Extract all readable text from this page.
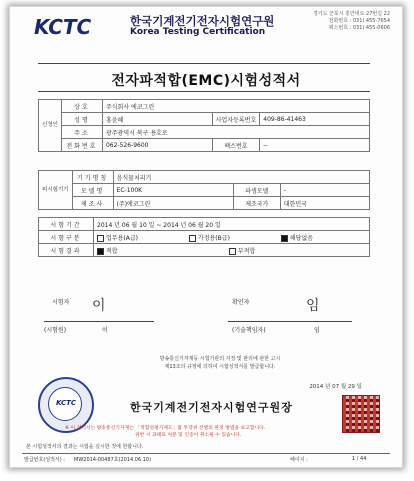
KCTC	한국기계전기전자시험연구원
Korea Testing Certification
경기도 군포시 흥안대로 27번길 22
전화번호 : 031) 455-7654
팩스번호 : 031) 455-0606
전자파적합(EMC)시험성적서
신청인	상호	주식회사 에코그린		
	성명	홍윤혜	사업자등록번호	409-86-41463
	주소	광주광역시 북구 용호로		
	전화번호	062-526-9600	팩스번호	--
피시험기기	기기명칭	음식물처리기		
	모델명	EC-100K	파생모델	-
	제조사	(주)에코그린	제조국가	대한민국
시험기간	2014 년 06 월 10 일 ~ 2014 년 06 월 20 일
시험구분	업무용(A급) 가정용(B급) 해당없음
시험결과	적합 부적합
시험자 이
(시험원)	이
확인자	임
(기술책임자)	임
방송통신기자재등 시험기관의 지정 및 관리에 관한 고시
제13조의 규정에 의하여 시험성적서를 발급합니다.
2014 년 07 월 29 일
KCTC	한국기계전기전자시험연구원장
※ 이 성적서는 방송통신기자재는 「적합성평가제도」를 무작위 선별의 판정 방법을 보고합니다.
위반 시 과태료 처분 및 인증이 취소될 수 있습니다.
본 시험성적서의 결과는 시험을 실시한 것에 한합니다.
발급번호(성적서) : MW2014-00487호(2014.06.10)	페이지 :	1 / 44
